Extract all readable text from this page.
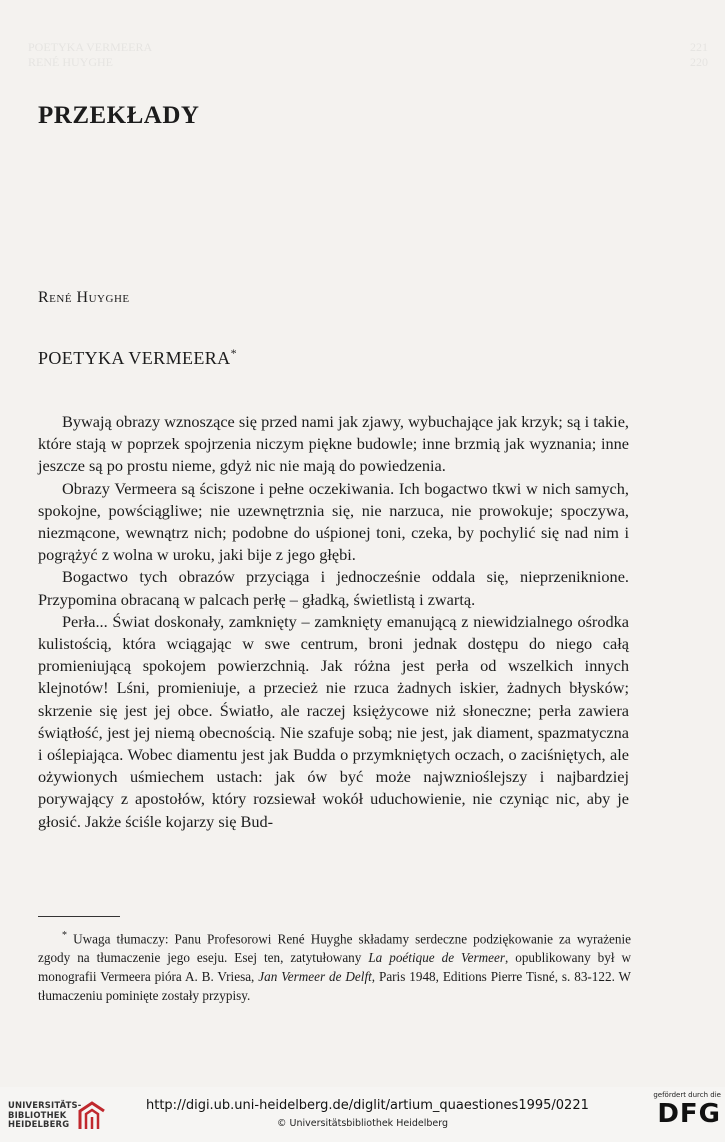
POETYKA VERMEERA	221
RENÉ HUYGHE	220
PRZEKŁADY

René Huyghe

POETYKA VERMEERA*

Bywają obrazy wznoszące się przed nami jak zjawy, wybuchające jak krzyk; są i takie, które stają w poprzek spojrzenia niczym piękne budowle; inne brzmią jak wyznania; inne jeszcze są po prostu nieme, gdyż nic nie mają do powiedzenia.

Obrazy Vermeera są ściszone i pełne oczekiwania. Ich bogactwo tkwi w nich samych, spokojne, powściągliwe; nie uzewnętrznia się, nie narzuca, nie prowokuje; spoczywa, niezmącone, wewnątrz nich; podobne do uśpionej toni, czeka, by pochylić się nad nim i pogrążyć z wolna w uroku, jaki bije z jego głębi.

Bogactwo tych obrazów przyciąga i jednocześnie oddala się, nieprzeniknione. Przypomina obracaną w palcach perłę – gładką, świetlistą i zwartą.

Perła... Świat doskonały, zamknięty – zamknięty emanującą z niewidzialnego ośrodka kulistością, która wciągając w swe centrum, broni jednak dostępu do niego całą promieniującą spokojem powierzchnią. Jak różna jest perła od wszelkich innych klejnotów! Lśni, promieniuje, a przecież nie rzuca żadnych iskier, żadnych błysków; skrzenie się jest jej obce. Światło, ale raczej księżycowe niż słoneczne; perła zawiera świątłość, jest jej niemą obecnością. Nie szafuje sobą; nie jest, jak diament, spazmatyczna i oślepiająca. Wobec diamentu jest jak Budda o przymkniętych oczach, o zaciśniętych, ale ożywionych uśmiechem ustach: jak ów być może najwznioślejszy i najbardziej porywający z apostołów, który rozsiewał wokół uduchowienie, nie czyniąc nic, aby je głosić. Jakże ściśle kojarzy się Bud-

* Uwaga tłumaczy: Panu Profesorowi René Huyghe składamy serdeczne podziękowanie za wyrażenie zgody na tłumaczenie jego eseju. Esej ten, zatytułowany La poétique de Vermeer, opublikowany był w monografii Vermeera pióra A. B. Vriesa, Jan Vermeer de Delft, Paris 1948, Editions Pierre Tisné, s. 83-122. W tłumaczeniu pominięte zostały przypisy.

UNIVERSITÄTS-
BIBLIOTHEK
HEIDELBERG
http://digi.ub.uni-heidelberg.de/diglit/artium_quaestiones1995/0221
© Universitätsbibliothek Heidelberg
gefördert durch die
DFG
